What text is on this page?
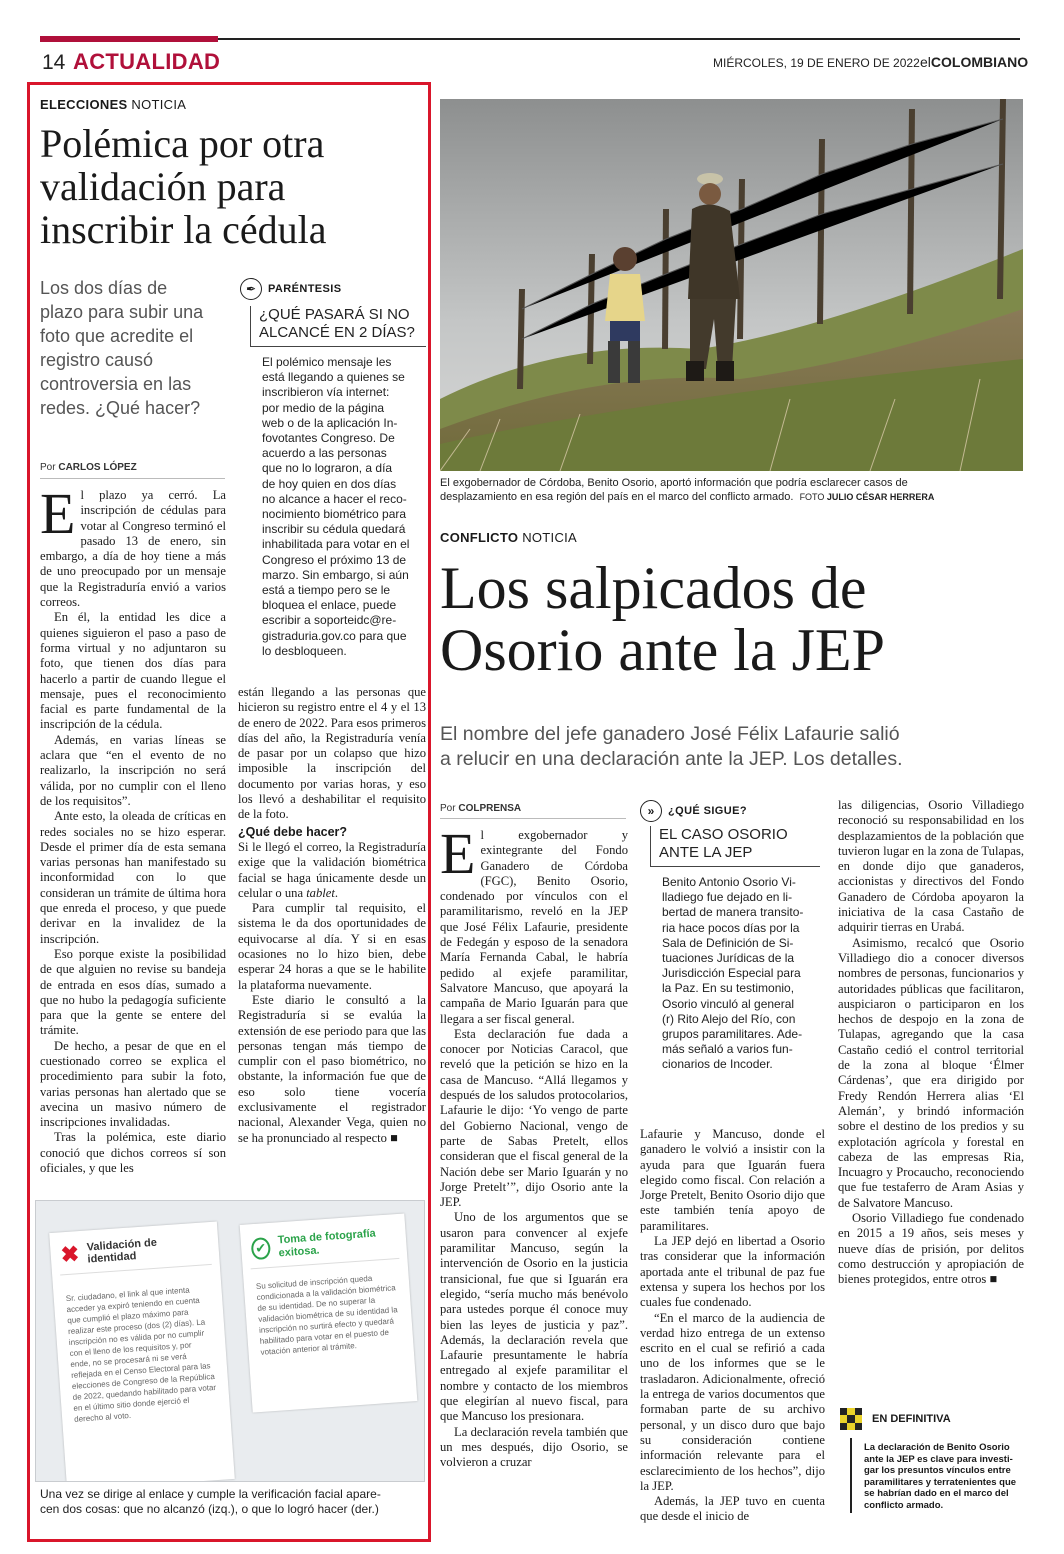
14 ACTUALIDAD	MIÉRCOLES, 19 DE ENERO DE 2022 elCOLOMBIANO
ELECCIONES NOTICIA
Polémica por otra
validación para
inscribir la cédula
Los dos días de
plazo para subir una
foto que acredite el
registro causó
controversia en las
redes. ¿Qué hacer?
✒	PARÉNTESIS
¿QUÉ PASARÁ SI NO
ALCANCÉ EN 2 DÍAS?
El polémico mensaje les
está llegando a quienes se
inscribieron vía internet:
por medio de la página
web o de la aplicación In-
fovotantes Congreso. De
acuerdo a las personas
que no lo lograron, a día
de hoy quien en dos días
no alcance a hacer el reco-
nocimiento biométrico para
inscribir su cédula quedará
inhabilitada para votar en el
Congreso el próximo 13 de
marzo. Sin embargo, si aún
está a tiempo pero se le
bloquea el enlace, puede
escribir a soporteidc@re-
gistraduria.gov.co para que
lo desbloqueen.
Por CARLOS LÓPEZ

El plazo ya cerró. La inscripción de cédulas para votar al Congreso terminó el pasado 13 de enero, sin embargo, a día de hoy tiene a más de uno preocupado por un mensaje que la Registraduría envió a varios correos.

En él, la entidad les dice a quienes siguieron el paso a paso de forma virtual y no adjuntaron su foto, que tienen dos días para hacerlo a partir de cuando llegue el mensaje, pues el reconocimiento facial es parte fundamental de la inscripción de la cédula.

Además, en varias líneas se aclara que “en el evento de no realizarlo, la inscripción no será válida, por no cumplir con el lleno de los requisitos”.

Ante esto, la oleada de críticas en redes sociales no se hizo esperar. Desde el primer día de esta semana varias personas han manifestado su inconformidad con lo que consideran un trámite de última hora que enreda el proceso, y que puede derivar en la invalidez de la inscripción.

Eso porque existe la posibilidad de que alguien no revise su bandeja de entrada en esos días, sumado a que no hubo la pedagogía suficiente para que la gente se entere del trámite.

De hecho, a pesar de que en el cuestionado correo se explica el procedimiento para subir la foto, varias personas han alertado que se avecina un masivo número de inscripciones invalidadas.

Tras la polémica, este diario conoció que dichos correos sí son oficiales, y que les

están llegando a las personas que hicieron su registro entre el 4 y el 13 de enero de 2022. Para esos primeros días del año, la Registraduría venía de pasar por un colapso que hizo imposible la inscripción del documento por varias horas, y eso los llevó a deshabilitar el requisito de la foto.

¿Qué debe hacer?

Si le llegó el correo, la Registraduría exige que la validación biométrica facial se haga únicamente desde un celular o una tablet.

Para cumplir tal requisito, el sistema le da dos oportunidades de equivocarse al día. Y si en esas ocasiones no lo hizo bien, debe esperar 24 horas a que se le habilite la plataforma nuevamente.

Este diario le consultó a la Registraduría si se evalúa la extensión de ese periodo para que las personas tengan más tiempo de cumplir con el paso biométrico, no obstante, la información fue que de eso solo tiene vocería exclusivamente el registrador nacional, Alexander Vega, quien no se ha pronunciado al respecto ■

✖ Validación de identidad
Sr. ciudadano, el link al que intenta acceder ya expiró teniendo en cuenta que cumplió el plazo máximo para realizar este proceso (dos (2) días). La inscripción no es válida por no cumplir con el lleno de los requisitos y, por ende, no se procesará ni se verá reflejada en el Censo Electoral para las elecciones de Congreso de la República de 2022, quedando habilitado para votar en el último sitio donde ejerció el derecho al voto.
✔
Toma de fotografía exitosa.
Su solicitud de inscripción queda condicionada a la validación biométrica de su identidad. De no superar la validación biométrica de su identidad la inscripción no surtirá efecto y quedará habilitado para votar en el puesto de votación anterior al trámite.
Una vez se dirige al enlace y cumple la verificación facial apare-
cen dos cosas: que no alcanzó (izq.), o que lo logró hacer (der.)
El exgobernador de Córdoba, Benito Osorio, aportó información que podría esclarecer casos de
desplazamiento en esa región del país en el marco del conflicto armado. FOTO JULIO CÉSAR HERRERA
CONFLICTO NOTICIA
Los salpicados de
Osorio ante la JEP
El nombre del jefe ganadero José Félix Lafaurie salió
a relucir en una declaración ante la JEP. Los detalles.
Por COLPRENSA

El exgobernador y exintegrante del Fondo Ganadero de Córdoba (FGC), Benito Osorio, condenado por vínculos con el paramilitarismo, reveló en la JEP que José Félix Lafaurie, presidente de Fedegán y esposo de la senadora María Fernanda Cabal, le habría pedido al exjefe paramilitar, Salvatore Mancuso, que apoyará la campaña de Mario Iguarán para que llegara a ser fiscal general.

Esta declaración fue dada a conocer por Noticias Caracol, que reveló que la petición se hizo en la casa de Mancuso. “Allá llegamos y después de los saludos protocolarios, Lafaurie le dijo: ‘Yo vengo de parte del Gobierno Nacional, vengo de parte de Sabas Pretelt, ellos consideran que el fiscal general de la Nación debe ser Mario Iguarán y no Jorge Pretelt’”, dijo Osorio ante la JEP.

Uno de los argumentos que se usaron para convencer al exjefe paramilitar Mancuso, según la intervención de Osorio en la justicia transicional, fue que si Iguarán era elegido, “sería mucho más benévolo para ustedes porque él conoce muy bien las leyes de justicia y paz”. Además, la declaración revela que Lafaurie presuntamente le habría entregado al exjefe paramilitar el nombre y contacto de los miembros que elegirían al nuevo fiscal, para que Mancuso los presionara.

La declaración revela también que un mes después, dijo Osorio, se volvieron a cruzar

»	¿QUÉ SIGUE?
EL CASO OSORIO
ANTE LA JEP
Benito Antonio Osorio Vi-
lladiego fue dejado en li-
bertad de manera transito-
ria hace pocos días por la
Sala de Definición de Si-
tuaciones Jurídicas de la
Jurisdicción Especial para
la Paz. En su testimonio,
Osorio vinculó al general
(r) Rito Alejo del Río, con
grupos paramilitares. Ade-
más señaló a varios fun-
cionarios de Incoder.

Lafaurie y Mancuso, donde el ganadero le volvió a insistir con la ayuda para que Iguarán fuera elegido como fiscal. Con relación a Jorge Pretelt, Benito Osorio dijo que este también tenía apoyo de paramilitares.

La JEP dejó en libertad a Osorio tras considerar que la información aportada ante el tribunal de paz fue extensa y supera los hechos por los cuales fue condenado.

“En el marco de la audiencia de verdad hizo entrega de un extenso escrito en el cual se refirió a cada uno de los informes que se le trasladaron. Adicionalmente, ofreció la entrega de varios documentos que formaban parte de su archivo personal, y un disco duro que bajo su consideración contiene información relevante para el esclarecimiento de los hechos”, dijo la JEP.

Además, la JEP tuvo en cuenta que desde el inicio de

las diligencias, Osorio Villadiego reconoció su responsabilidad en los desplazamientos de la población que tuvieron lugar en la zona de Tulapas, en donde dijo que ganaderos, accionistas y directivos del Fondo Ganadero de Córdoba apoyaron la iniciativa de la casa Castaño de adquirir tierras en Urabá.

Asimismo, recalcó que Osorio Villadiego dio a conocer diversos nombres de personas, funcionarios y autoridades públicas que facilitaron, auspiciaron o participaron en los hechos de despojo en la zona de Tulapas, agregando que la casa Castaño cedió el control territorial de la zona al bloque ‘Élmer Cárdenas’, que era dirigido por Fredy Rendón Herrera alias ‘El Alemán’, y brindó información sobre el destino de los predios y su explotación agrícola y forestal en cabeza de las empresas Ria, Incuagro y Procaucho, reconociendo que fue testaferro de Aram Asias y de Salvatore Mancuso.

Osorio Villadiego fue condenado en 2015 a 19 años, seis meses y nueve días de prisión, por delitos como destrucción y apropiación de bienes protegidos, entre otros ■

EN DEFINITIVA
La declaración de Benito Osorio
ante la JEP es clave para investi-
gar los presuntos vínculos entre
paramilitares y terratenientes que
se habrían dado en el marco del
conflicto armado.
